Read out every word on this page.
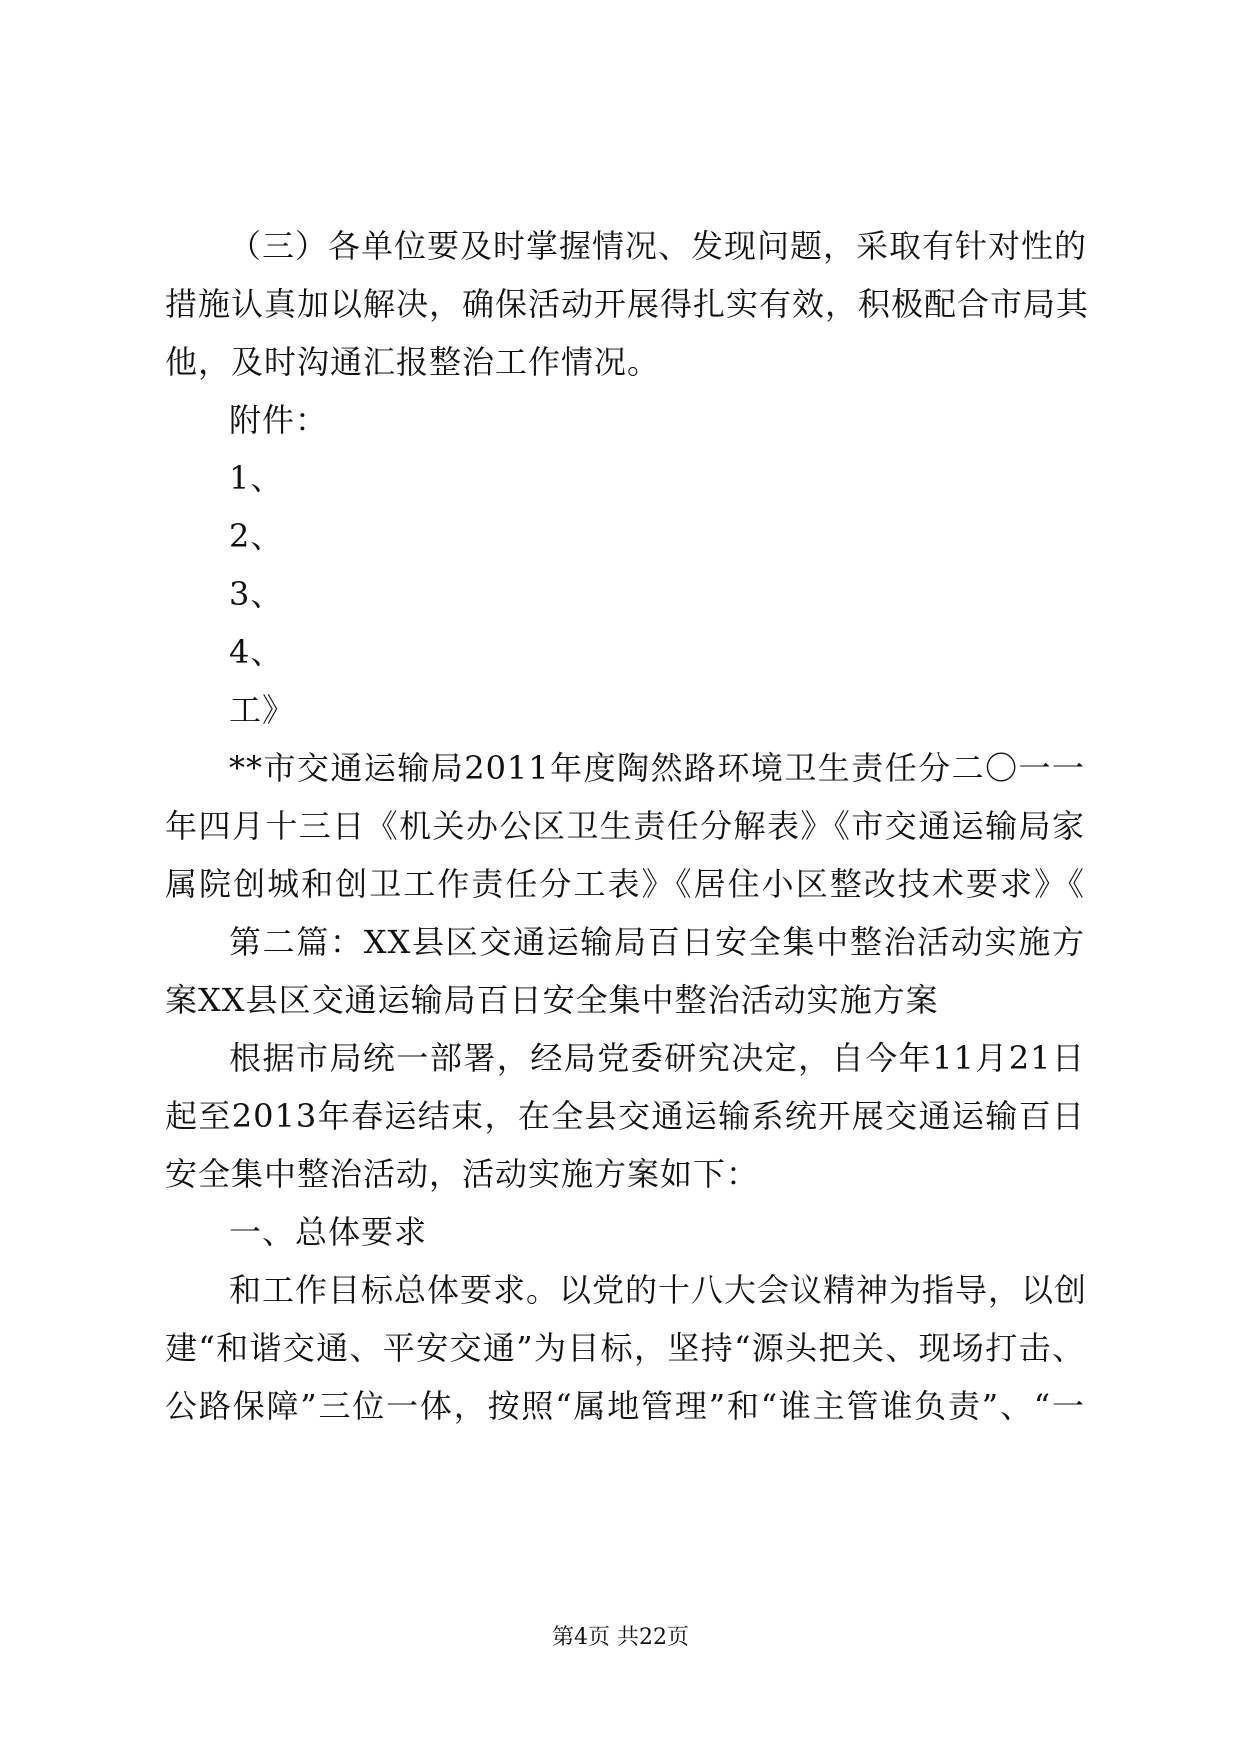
（三）各单位要及时掌握情况、发现问题，采取有针对性的
措施认真加以解决，确保活动开展得扎实有效，积极配合市局其
他，及时沟通汇报整治工作情况。
附件：
1、
2、
3、
4、
工》
**市交通运输局2011年度陶然路环境卫生责任分二〇一一
年四月十三日《机关办公区卫生责任分解表》《市交通运输局家
属院创城和创卫工作责任分工表》《居住小区整改技术要求》《
第二篇：XX县区交通运输局百日安全集中整治活动实施方
案XX县区交通运输局百日安全集中整治活动实施方案
根据市局统一部署，经局党委研究决定，自今年11月21日
起至2013年春运结束，在全县交通运输系统开展交通运输百日
安全集中整治活动，活动实施方案如下：
一、总体要求
和工作目标总体要求。以党的十八大会议精神为指导，以创
建“和谐交通、平安交通”为目标，坚持“源头把关、现场打击、
公路保障”三位一体，按照“属地管理”和“谁主管谁负责”、“一
第4页 共22页
